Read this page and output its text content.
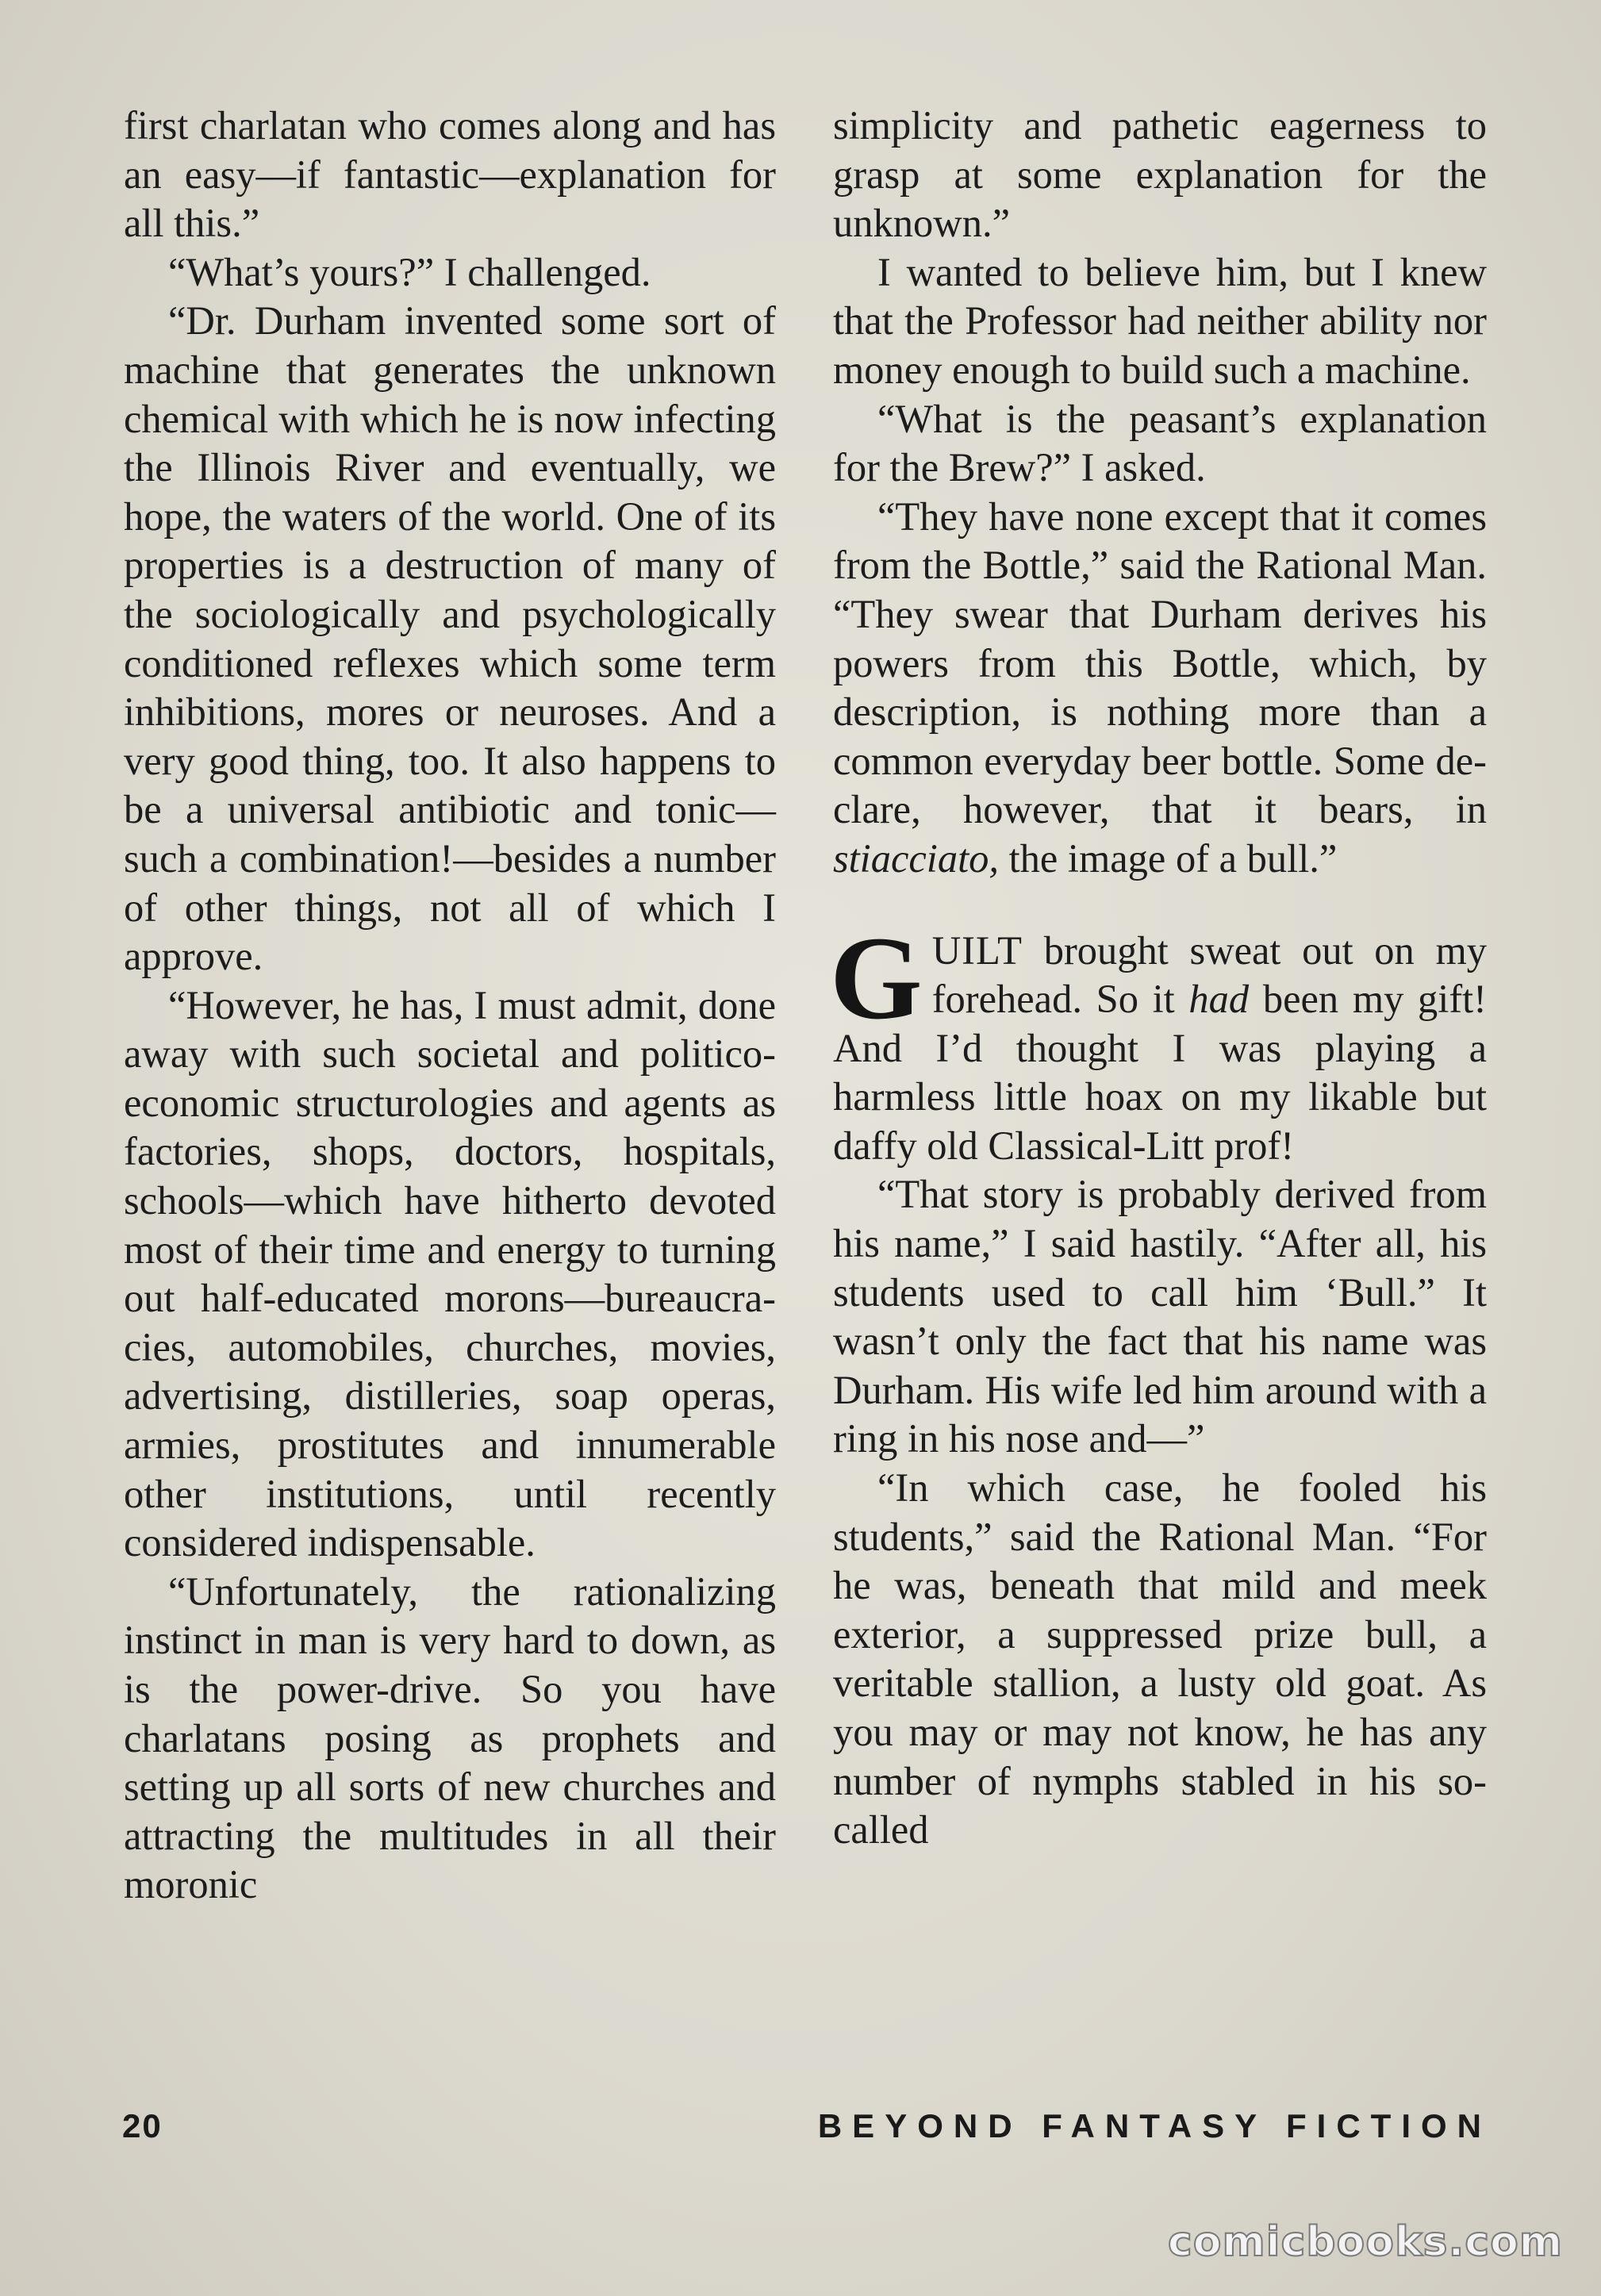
first charlatan who comes along and has an easy—if fantastic—explanation for all this.”

“What’s yours?” I challenged.

“Dr. Durham invented some sort of machine that generates the unknown chemical with which he is now infecting the Illinois River and eventually, we hope, the waters of the world. One of its properties is a destruction of many of the sociologically and psychologically conditioned reflexes which some term inhibitions, mores or neuroses. And a very good thing, too. It also happens to be a universal antibiotic and tonic—such a combination!—besides a number of other things, not all of which I approve.

“However, he has, I must admit, done away with such societal and politico-economic structurologies and agents as factories, shops, doctors, hospitals, schools—which have hitherto devoted most of their time and energy to turning out half-educated morons—bureaucracies, automobiles, churches, movies, advertising, distilleries, soap operas, armies, prostitutes and innumerable other institutions, until recently considered indispensable.

“Unfortunately, the rationalizing instinct in man is very hard to down, as is the power-drive. So you have charlatans posing as prophets and setting up all sorts of new churches and attracting the multitudes in all their moronic

simplicity and pathetic eagerness to grasp at some explanation for the unknown.”

I wanted to believe him, but I knew that the Professor had neither ability nor money enough to build such a machine.

“What is the peasant’s explanation for the Brew?” I asked.

“They have none except that it comes from the Bottle,” said the Rational Man. “They swear that Durham derives his powers from this Bottle, which, by description, is nothing more than a common everyday beer bottle. Some declare, however, that it bears, in stiacciato, the image of a bull.”

GUILT brought sweat out on my forehead. So it had been my gift! And I’d thought I was playing a harmless little hoax on my likable but daffy old Classical-Litt prof!

“That story is probably derived from his name,” I said hastily. “After all, his students used to call him ‘Bull.” It wasn’t only the fact that his name was Durham. His wife led him around with a ring in his nose and—”

“In which case, he fooled his students,” said the Rational Man. “For he was, beneath that mild and meek exterior, a suppressed prize bull, a veritable stallion, a lusty old goat. As you may or may not know, he has any number of nymphs stabled in his so-called

20	BEYOND FANTASY FICTION
comicbooks.com
